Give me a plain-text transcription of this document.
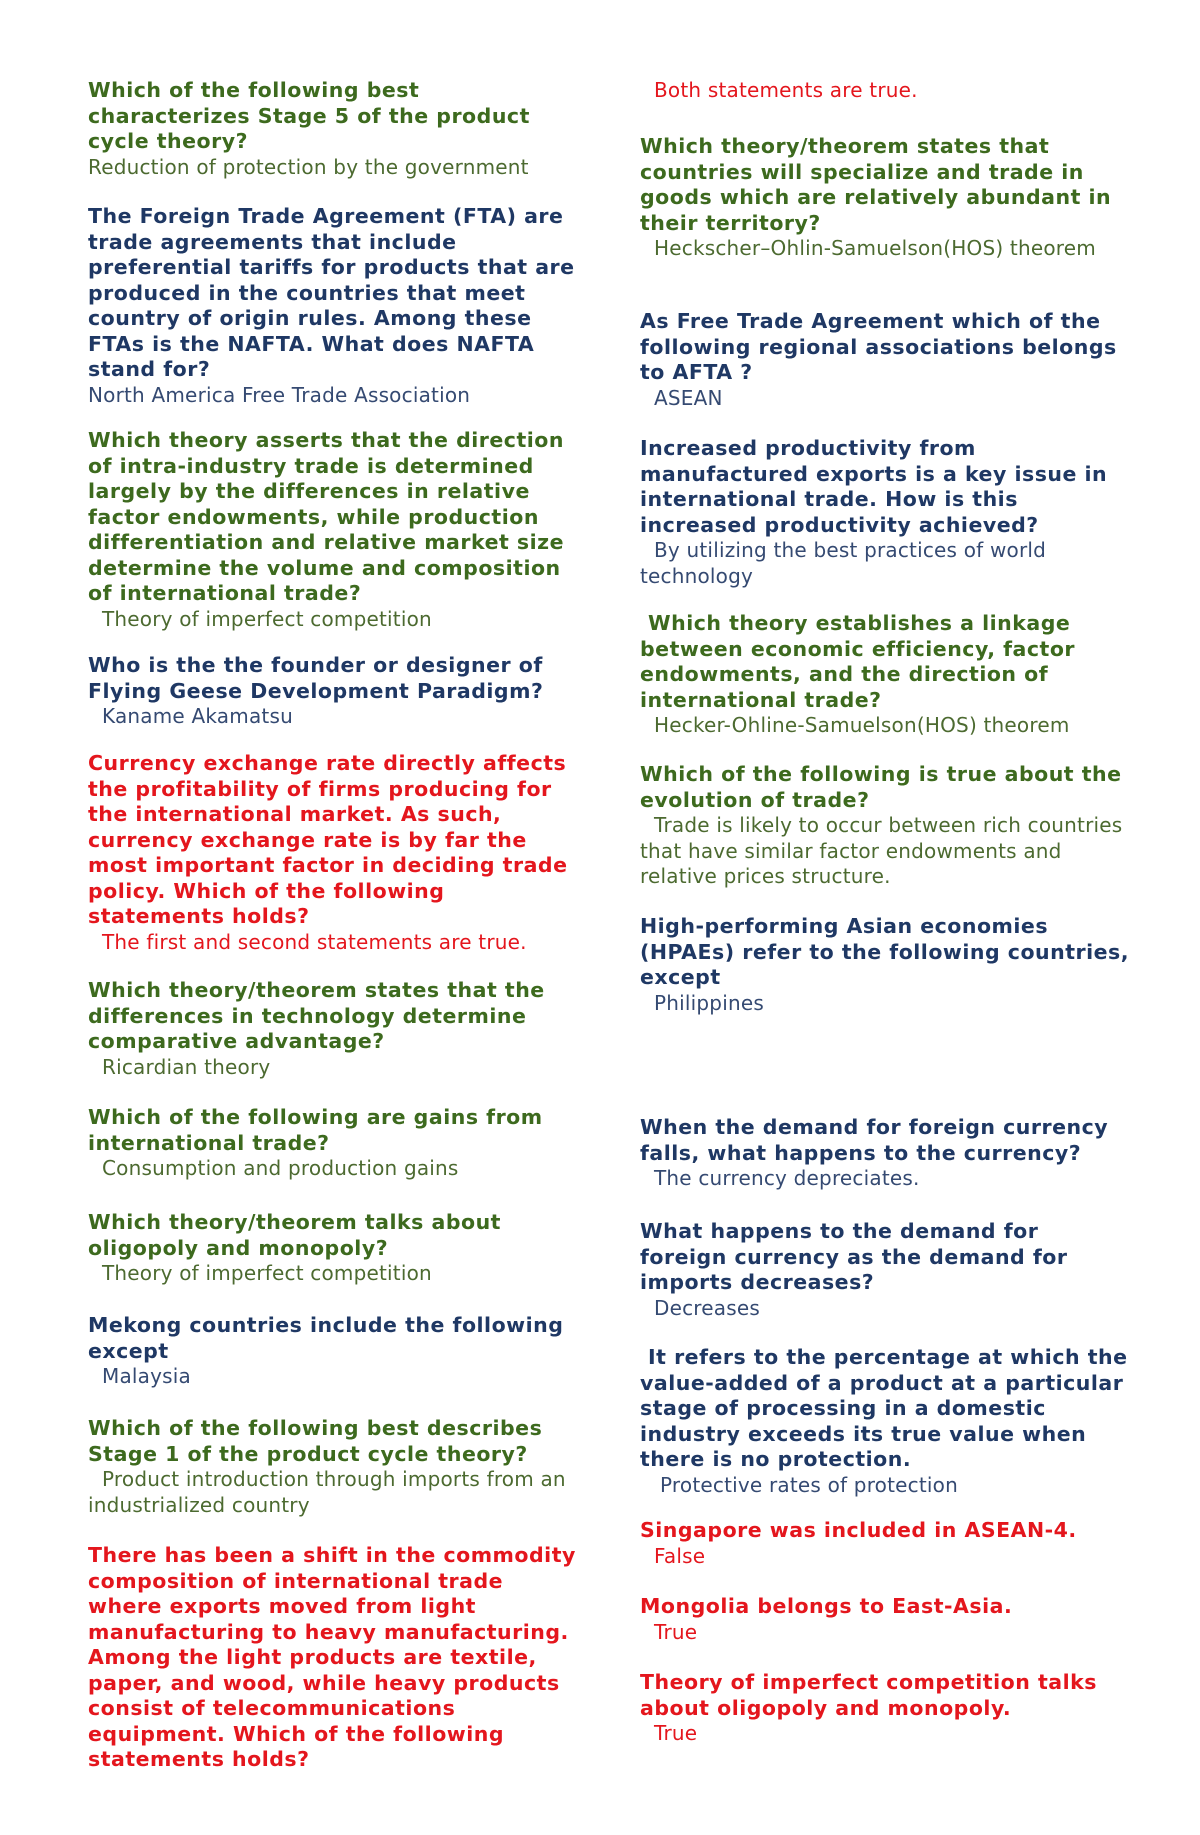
Which of the following best characterizes Stage 5 of the product cycle theory?

Reduction of protection by the government

The Foreign Trade Agreement (FTA) are trade agreements that include preferential tariffs for products that are produced in the countries that meet country of origin rules. Among these FTAs is the NAFTA. What does NAFTA stand for?

North America Free Trade Association

Which theory asserts that the direction of intra-industry trade is determined largely by the differences in relative factor endowments, while production differentiation and relative market size determine the volume and composition of international trade?

Theory of imperfect competition

Who is the the founder or designer of Flying Geese Development Paradigm?

Kaname Akamatsu

Currency exchange rate directly affects the profitability of firms producing for the international market. As such, currency exchange rate is by far the most important factor in deciding trade policy. Which of the following statements holds?

The first and second statements are true.

Which theory/theorem states that the differences in technology determine comparative advantage?

Ricardian theory

Which of the following are gains from international trade?

Consumption and production gains

Which theory/theorem talks about oligopoly and monopoly?

Theory of imperfect competition

Mekong countries include the following except

Malaysia

Which of the following best describes Stage 1 of the product cycle theory?

Product introduction through imports from an industrialized country

There has been a shift in the commodity composition of international trade where exports moved from light manufacturing to heavy manufacturing. Among the light products are textile, paper, and wood, while heavy products consist of telecommunications equipment. Which of the following statements holds?

Both statements are true.

Which theory/theorem states that countries will specialize and trade in goods which are relatively abundant in their territory?

Heckscher–Ohlin-Samuelson(HOS) theorem

As Free Trade Agreement which of the following regional associations belongs to AFTA ?

ASEAN

Increased productivity from manufactured exports is a key issue in international trade. How is this increased productivity achieved?

By utilizing the best practices of world technology

Which theory establishes a linkage between economic efficiency, factor endowments, and the direction of international trade?

Hecker-Ohline-Samuelson(HOS) theorem

Which of the following is true about the evolution of trade?

Trade is likely to occur between rich countries that have similar factor endowments and relative prices structure.

High-performing Asian economies (HPAEs) refer to the following countries, except

Philippines

When the demand for foreign currency falls, what happens to the currency?

The currency depreciates.

What happens to the demand for foreign currency as the demand for imports decreases?

Decreases

It refers to the percentage at which the value-added of a product at a particular stage of processing in a domestic industry exceeds its true value when there is no protection.

Protective rates of protection

Singapore was included in ASEAN-4.

False

Mongolia belongs to East-Asia.

True

Theory of imperfect competition talks about oligopoly and monopoly.

True
